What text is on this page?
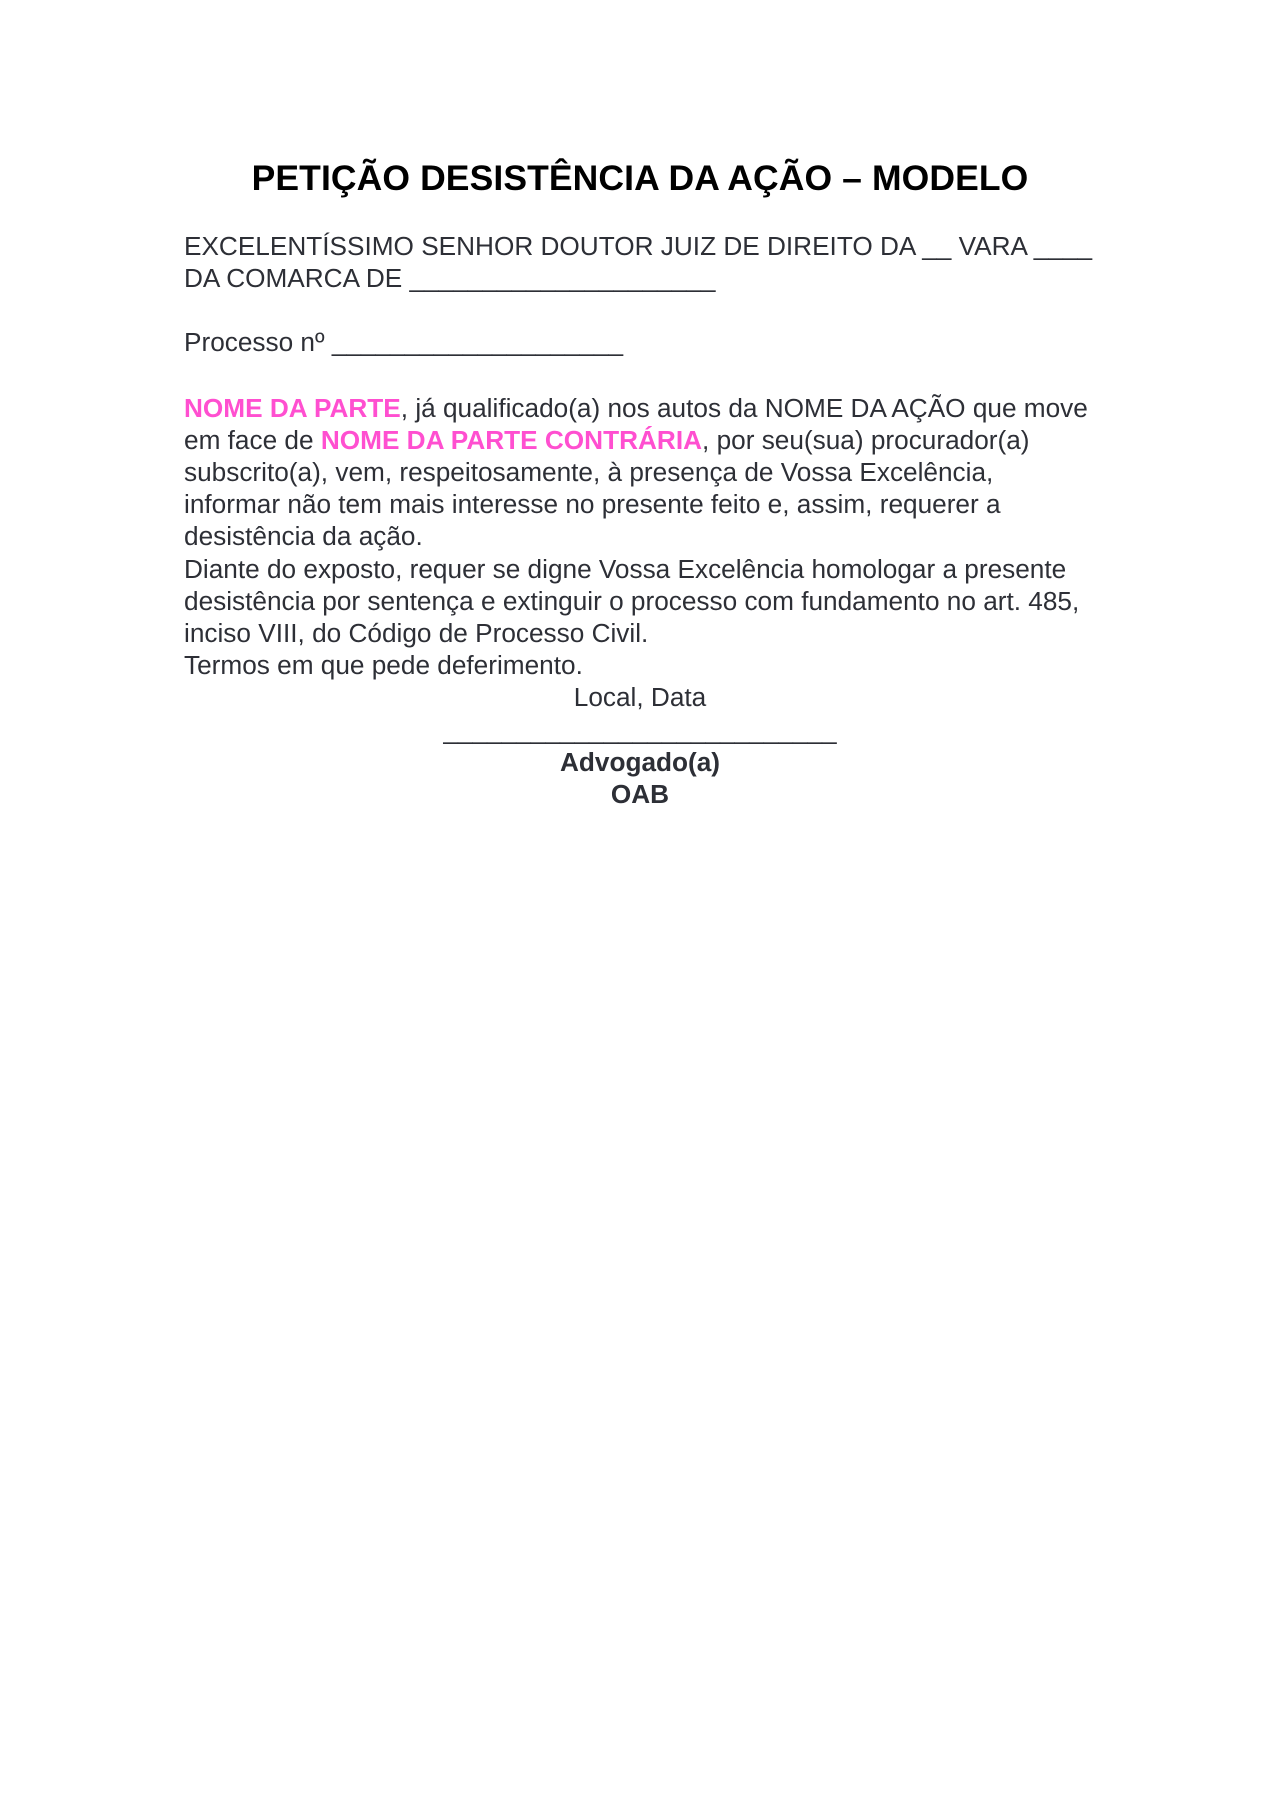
PETIÇÃO DESISTÊNCIA DA AÇÃO – MODELO

EXCELENTÍSSIMO SENHOR DOUTOR JUIZ DE DIREITO DA __ VARA ____ DA COMARCA DE _____________________

Processo nº ____________________

NOME DA PARTE, já qualificado(a) nos autos da NOME DA AÇÃO que move em face de NOME DA PARTE CONTRÁRIA, por seu(sua) procurador(a) subscrito(a), vem, respeitosamente, à presença de Vossa Excelência, informar não tem mais interesse no presente feito e, assim, requerer a desistência da ação.

Diante do exposto, requer se digne Vossa Excelência homologar a presente desistência por sentença e extinguir o processo com fundamento no art. 485, inciso VIII, do Código de Processo Civil.

Termos em que pede deferimento.

Local, Data

___________________________

Advogado(a)

OAB
